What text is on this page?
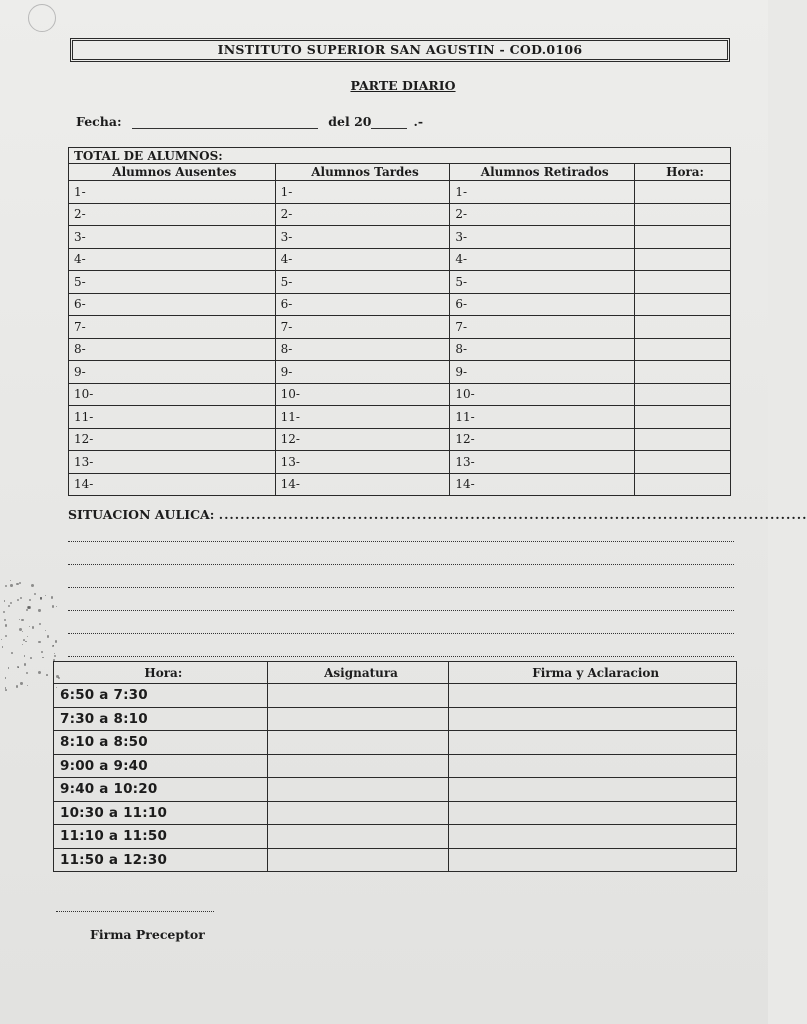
INSTITUTO SUPERIOR SAN AGUSTIN - COD.0106
PARTE DIARIO
Fecha:	del 20	.-
TOTAL DE ALUMNOS:			
Alumnos Ausentes	Alumnos Tardes	Alumnos Retirados	Hora:
1-	1-	1-	
2-	2-	2-	
3-	3-	3-	
4-	4-	4-	
5-	5-	5-	
6-	6-	6-	
7-	7-	7-	
8-	8-	8-	
9-	9-	9-	
10-	10-	10-	
11-	11-	11-	
12-	12-	12-	
13-	13-	13-	
14-	14-	14-	
SITUACION AULICA: ..............................................................................................................
Hora:	Asignatura	Firma y Aclaracion
6:50 a 7:30		
7:30 a 8:10		
8:10 a 8:50		
9:00 a 9:40		
9:40 a 10:20		
10:30 a 11:10		
11:10 a 11:50		
11:50 a 12:30		
Firma Preceptor
